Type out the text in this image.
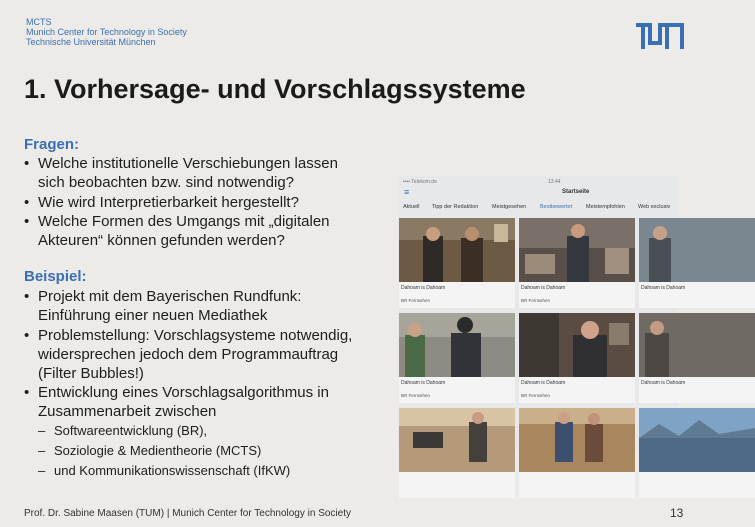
MCTS
Munich Center for Technology in Society
Technische Universität München
1. Vorhersage- und Vorschlagssysteme
Fragen:
• Welche institutionelle Verschiebungen lassen sich beobachten bzw. sind notwendig?
• Wie wird Interpretierbarkeit hergestellt?
• Welche Formen des Umgangs mit „digitalen Akteuren“ können gefunden werden?
Beispiel:
• Projekt mit dem Bayerischen Rundfunk: Einführung einer neuen Mediathek
• Problemstellung: Vorschlagsysteme notwendig, widersprechen jedoch dem Programmauftrag (Filter Bubbles!)
• Entwicklung eines Vorschlagsalgorithmus in Zusammenarbeit zwischen
– Softwareentwicklung (BR),
– Soziologie & Medientheorie (MCTS)
– und Kommunikationswissenschaft (IfKW)
•••• Telekom.de	13:44
≡	Startseite
Aktuell Tipp der Redaktion Meistgesehen	Bestbewertet	Meistempfohlen Web exclusiv
Dahoam is Dahoam
BR Fernsehen
Dahoam is Dahoam
BR Fernsehen
Dahoam is Dahoam
Dahoam is Dahoam
BR Fernsehen
Dahoam is Dahoam
BR Fernsehen
Dahoam is Dahoam
Prof. Dr. Sabine Maasen (TUM) | Munich Center for Technology in Society	13
